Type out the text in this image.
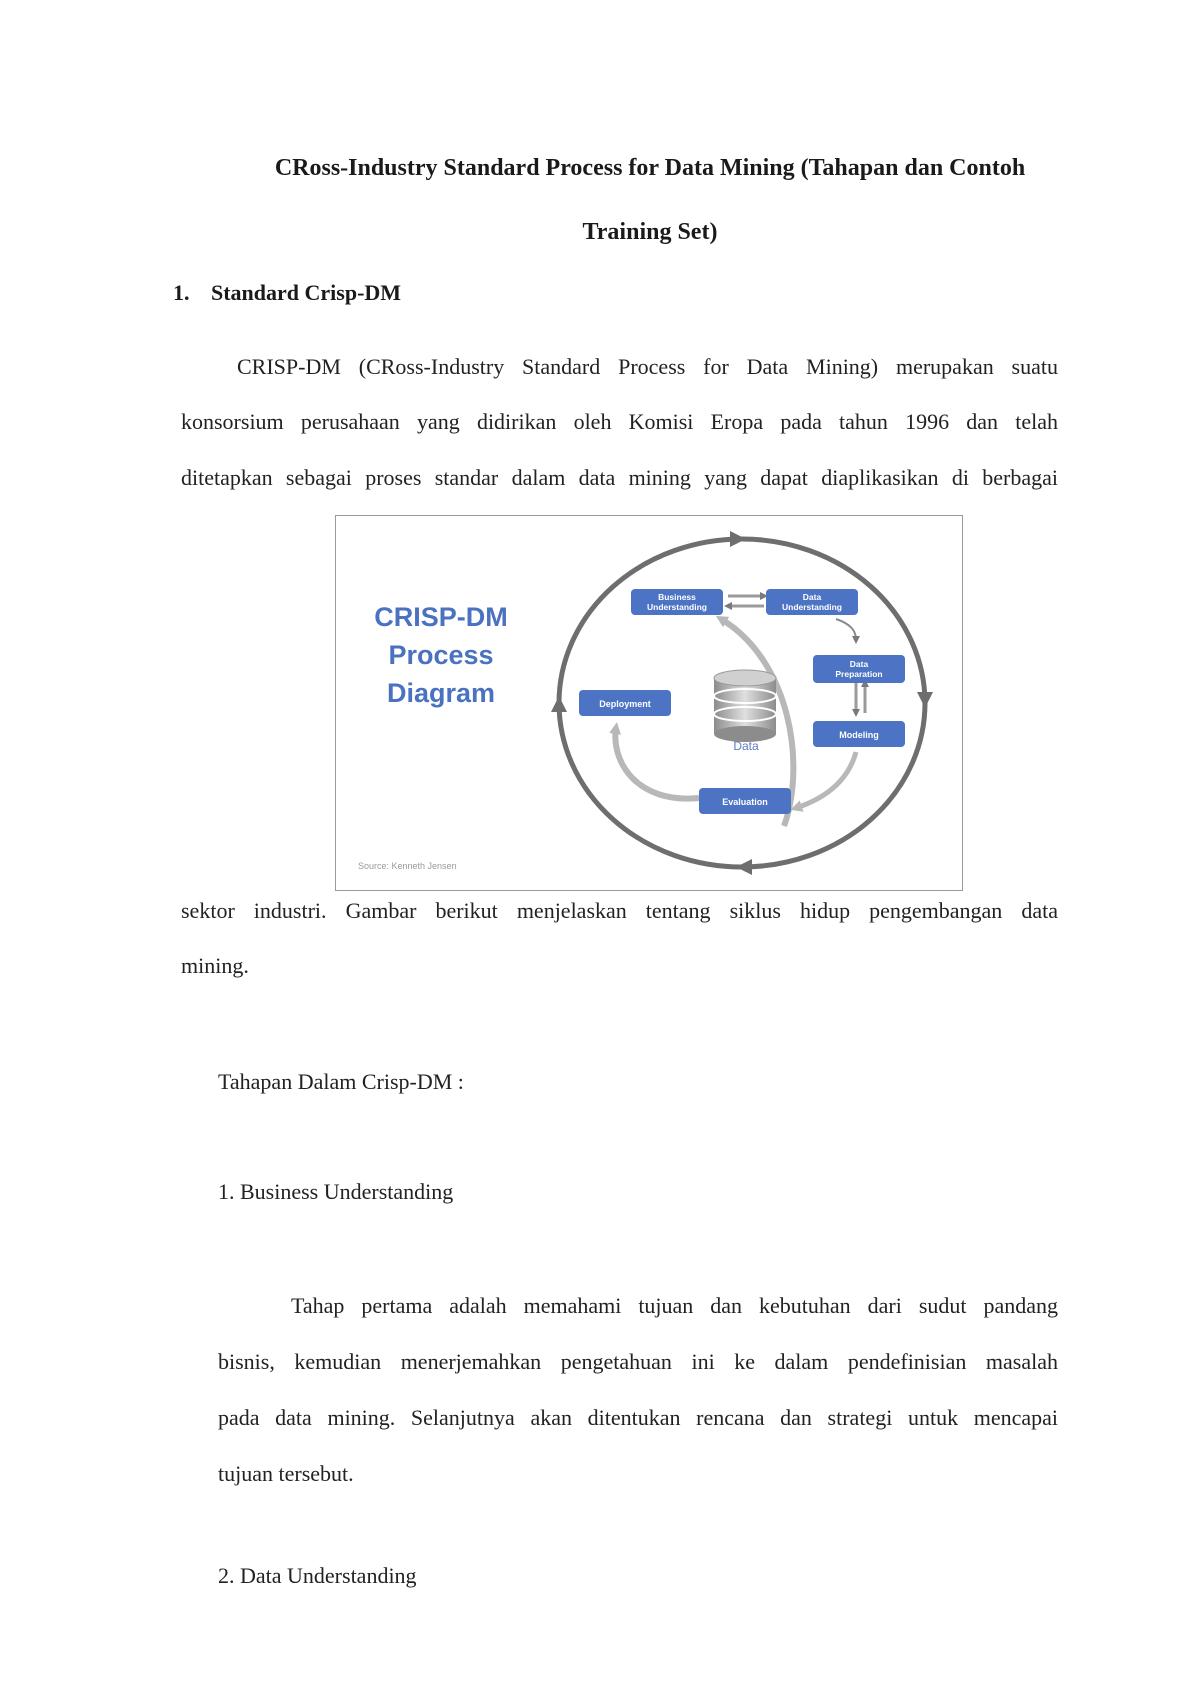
CRoss-Industry Standard Process for Data Mining (Tahapan dan Contoh
Training Set)
1. Standard Crisp-DM
CRISP-DM (CRoss-Industry Standard Process for Data Mining) merupakan suatu
konsorsium perusahaan yang didirikan oleh Komisi Eropa pada tahun 1996 dan telah
ditetapkan sebagai proses standar dalam data mining yang dapat diaplikasikan di berbagai
CRISP-DM
Process
Diagram
Data
Business
Understanding
Data
Understanding
Data
Preparation
Modeling
Evaluation
Deployment
Source: Kenneth Jensen
sektor industri. Gambar berikut menjelaskan tentang siklus hidup pengembangan data
mining.
Tahapan Dalam Crisp-DM :
1. Business Understanding
Tahap pertama adalah memahami tujuan dan kebutuhan dari sudut pandang
bisnis, kemudian menerjemahkan pengetahuan ini ke dalam pendefinisian masalah
pada data mining. Selanjutnya akan ditentukan rencana dan strategi untuk mencapai
tujuan tersebut.
2. Data Understanding
